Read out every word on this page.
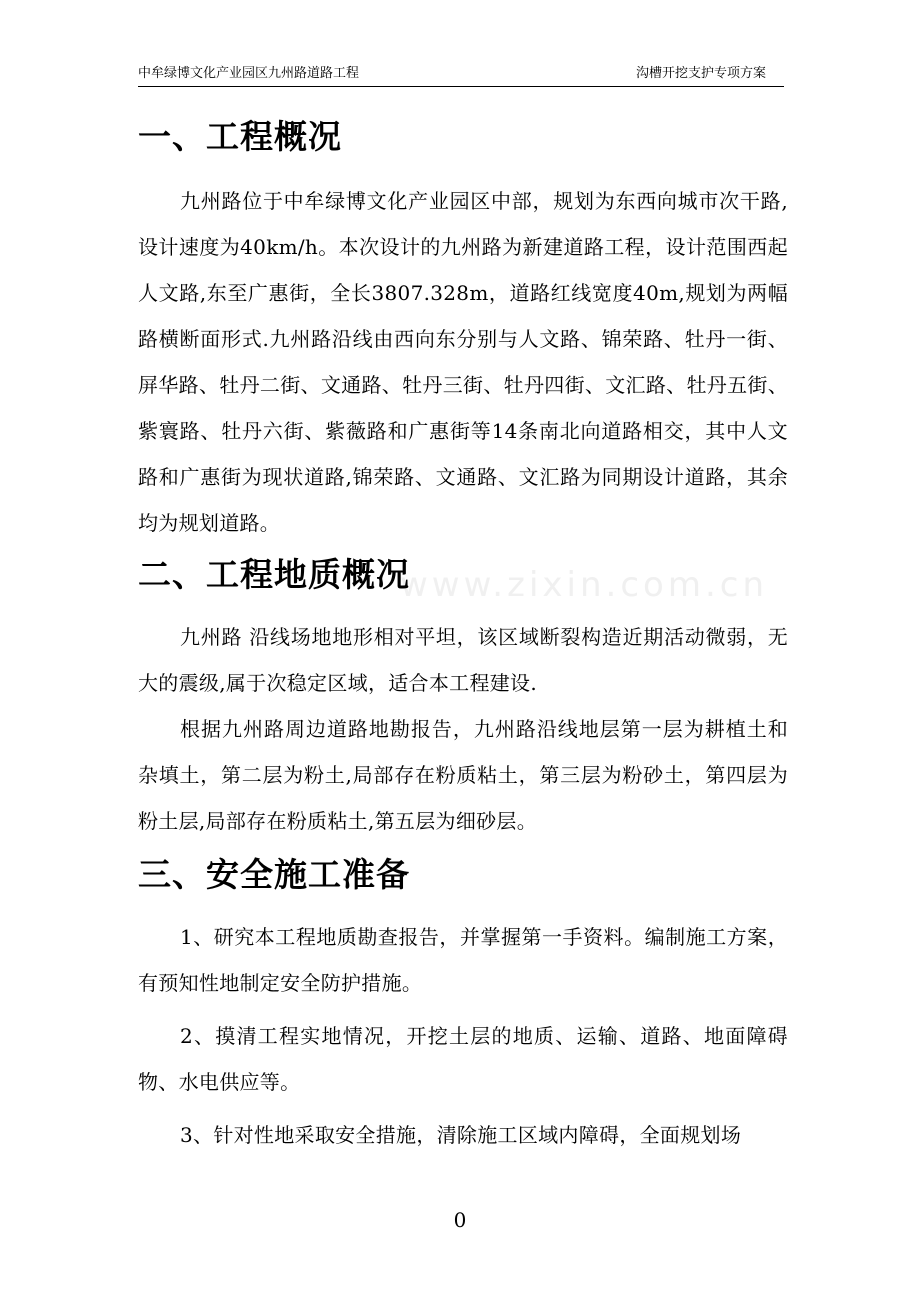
www.zixin.com.cn
中牟绿博文化产业园区九州路道路工程	沟槽开挖支护专项方案
一、工程概况

九州路位于中牟绿博文化产业园区中部，规划为东西向城市次干路,设计速度为40km/h。本次设计的九州路为新建道路工程，设计范围西起人文路,东至广惠街，全长3807.328m，道路红线宽度40m,规划为两幅路横断面形式.九州路沿线由西向东分别与人文路、锦荣路、牡丹一街、屏华路、牡丹二街、文通路、牡丹三街、牡丹四街、文汇路、牡丹五街、紫寰路、牡丹六街、紫薇路和广惠街等14条南北向道路相交，其中人文路和广惠街为现状道路,锦荣路、文通路、文汇路为同期设计道路，其余均为规划道路。

二、工程地质概况

九州路 沿线场地地形相对平坦，该区域断裂构造近期活动微弱，无大的震级,属于次稳定区域，适合本工程建设.

根据九州路周边道路地勘报告，九州路沿线地层第一层为耕植土和杂填土，第二层为粉土,局部存在粉质粘土，第三层为粉砂土，第四层为粉土层,局部存在粉质粘土,第五层为细砂层。

三、安全施工准备

1、研究本工程地质勘查报告，并掌握第一手资料。编制施工方案，有预知性地制定安全防护措施。

2、摸清工程实地情况，开挖土层的地质、运输、道路、地面障碍物、水电供应等。

3、针对性地采取安全措施，清除施工区域内障碍，全面规划场

0
